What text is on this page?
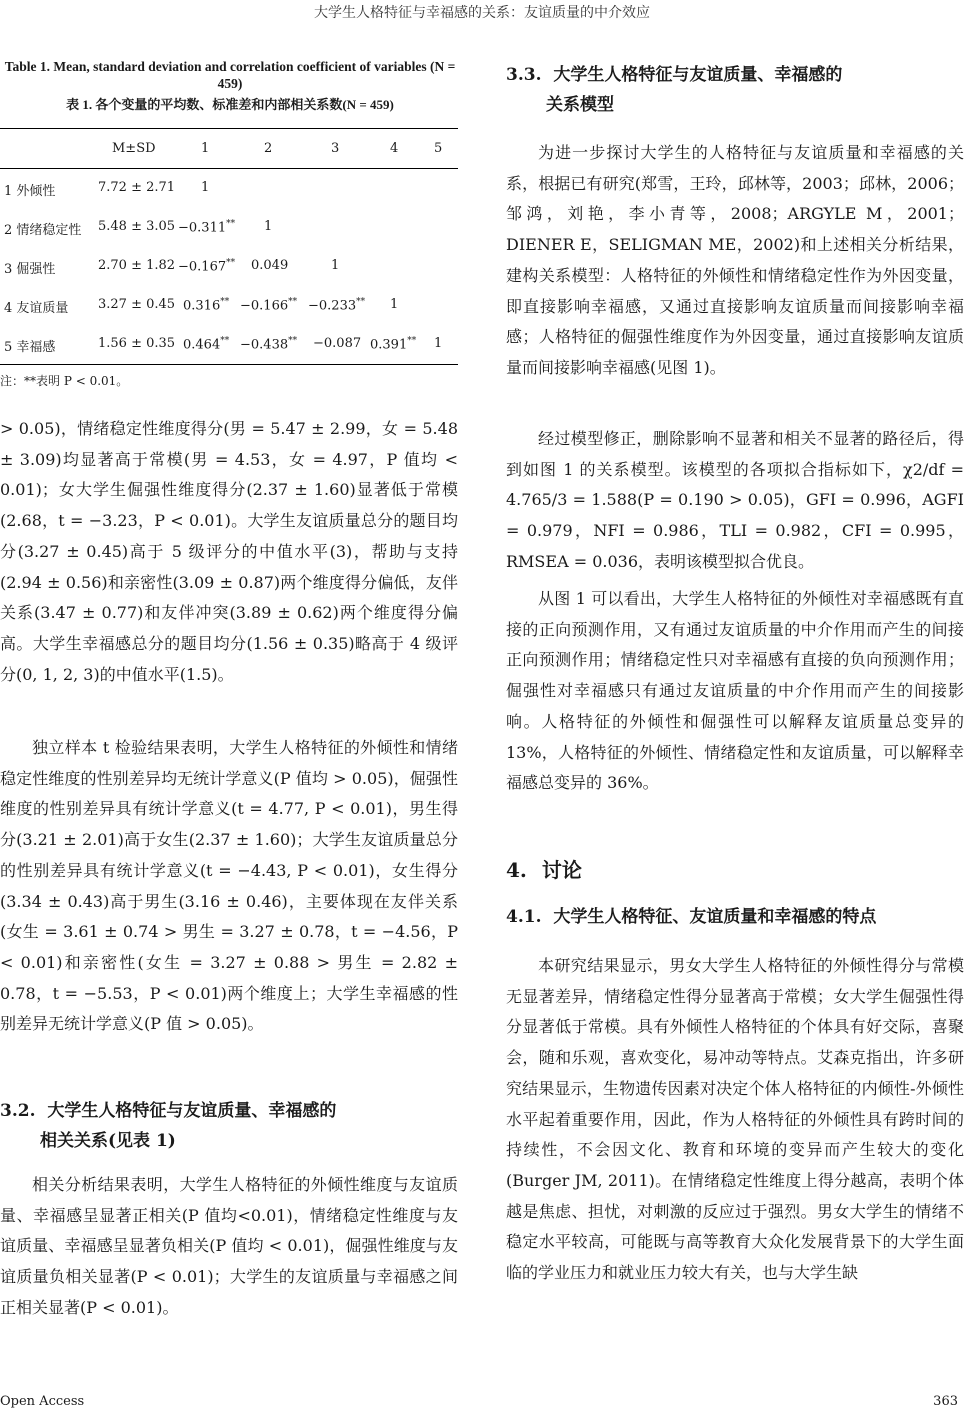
大学生人格特征与幸福感的关系：友谊质量的中介效应
Table 1. Mean, standard deviation and correlation coefficient of variables (N = 459)
表 1. 各个变量的平均数、标准差和内部相关系数(N = 459)
M±SD	1	2	3	4	5
1 外倾性	7.72 ± 2.71 1
2 情绪稳定性 5.48 ± 3.05 −0.311** 1
3 倔强性	2.70 ± 1.82 −0.167** 0.049	1
4 友谊质量 3.27 ± 0.45 0.316** −0.166** −0.233** 1
5 幸福感	1.56 ± 0.35 0.464** −0.438** −0.087 0.391** 1
注：**表明 P < 0.01。

> 0.05)，情绪稳定性维度得分(男 = 5.47 ± 2.99，女 = 5.48 ± 3.09)均显著高于常模(男 = 4.53，女 = 4.97，P 值均 < 0.01)；女大学生倔强性维度得分(2.37 ± 1.60)显著低于常模(2.68，t = −3.23，P < 0.01)。大学生友谊质量总分的题目均分(3.27 ± 0.45)高于 5 级评分的中值水平(3)，帮助与支持(2.94 ± 0.56)和亲密性(3.09 ± 0.87)两个维度得分偏低，友伴关系(3.47 ± 0.77)和友伴冲突(3.89 ± 0.62)两个维度得分偏高。大学生幸福感总分的题目均分(1.56 ± 0.35)略高于 4 级评分(0, 1, 2, 3)的中值水平(1.5)。

独立样本 t 检验结果表明，大学生人格特征的外倾性和情绪稳定性维度的性别差异均无统计学意义(P 值均 > 0.05)，倔强性维度的性别差异具有统计学意义(t = 4.77, P < 0.01)，男生得分(3.21 ± 2.01)高于女生(2.37 ± 1.60)；大学生友谊质量总分的性别差异具有统计学意义(t = −4.43, P < 0.01)，女生得分(3.34 ± 0.43)高于男生(3.16 ± 0.46)，主要体现在友伴关系(女生 = 3.61 ± 0.74 > 男生 = 3.27 ± 0.78，t = −4.56，P < 0.01)和亲密性(女生 = 3.27 ± 0.88 > 男生 = 2.82 ± 0.78，t = −5.53，P < 0.01)两个维度上；大学生幸福感的性别差异无统计学意义(P 值 > 0.05)。

3.2. 大学生人格特征与友谊质量、幸福感的
相关关系(见表 1)

相关分析结果表明，大学生人格特征的外倾性维度与友谊质量、幸福感呈显著正相关(P 值均<0.01)，情绪稳定性维度与友谊质量、幸福感呈显著负相关(P 值均 < 0.01)，倔强性维度与友谊质量负相关显著(P < 0.01)；大学生的友谊质量与幸福感之间正相关显著(P < 0.01)。

3.3. 大学生人格特征与友谊质量、幸福感的
关系模型

为进一步探讨大学生的人格特征与友谊质量和幸福感的关系，根据已有研究(郑雪，王玲，邱林等，2003；邱林，2006；邹鸿，刘艳，李小青等，2008；ARGYLE M，2001；DIENER E，SELIGMAN ME，2002)和上述相关分析结果，建构关系模型：人格特征的外倾性和情绪稳定性作为外因变量，即直接影响幸福感，又通过直接影响友谊质量而间接影响幸福感；人格特征的倔强性维度作为外因变量，通过直接影响友谊质量而间接影响幸福感(见图 1)。

经过模型修正，删除影响不显著和相关不显著的路径后，得到如图 1 的关系模型。该模型的各项拟合指标如下，χ2/df = 4.765/3 = 1.588(P = 0.190 > 0.05)，GFI = 0.996，AGFI = 0.979，NFI = 0.986，TLI = 0.982，CFI = 0.995，RMSEA = 0.036，表明该模型拟合优良。

从图 1 可以看出，大学生人格特征的外倾性对幸福感既有直接的正向预测作用，又有通过友谊质量的中介作用而产生的间接正向预测作用；情绪稳定性只对幸福感有直接的负向预测作用；倔强性对幸福感只有通过友谊质量的中介作用而产生的间接影响。人格特征的外倾性和倔强性可以解释友谊质量总变异的 13%，人格特征的外倾性、情绪稳定性和友谊质量，可以解释幸福感总变异的 36%。

4. 讨论
4.1. 大学生人格特征、友谊质量和幸福感的特点

本研究结果显示，男女大学生人格特征的外倾性得分与常模无显著差异，情绪稳定性得分显著高于常模；女大学生倔强性得分显著低于常模。具有外倾性人格特征的个体具有好交际，喜聚会，随和乐观，喜欢变化，易冲动等特点。艾森克指出，许多研究结果显示，生物遗传因素对决定个体人格特征的内倾性-外倾性水平起着重要作用，因此，作为人格特征的外倾性具有跨时间的持续性，不会因文化、教育和环境的变异而产生较大的变化(Burger JM, 2011)。在情绪稳定性维度上得分越高，表明个体越是焦虑、担忧，对刺激的反应过于强烈。男女大学生的情绪不稳定水平较高，可能既与高等教育大众化发展背景下的大学生面临的学业压力和就业压力较大有关，也与大学生缺

Open Access	363
